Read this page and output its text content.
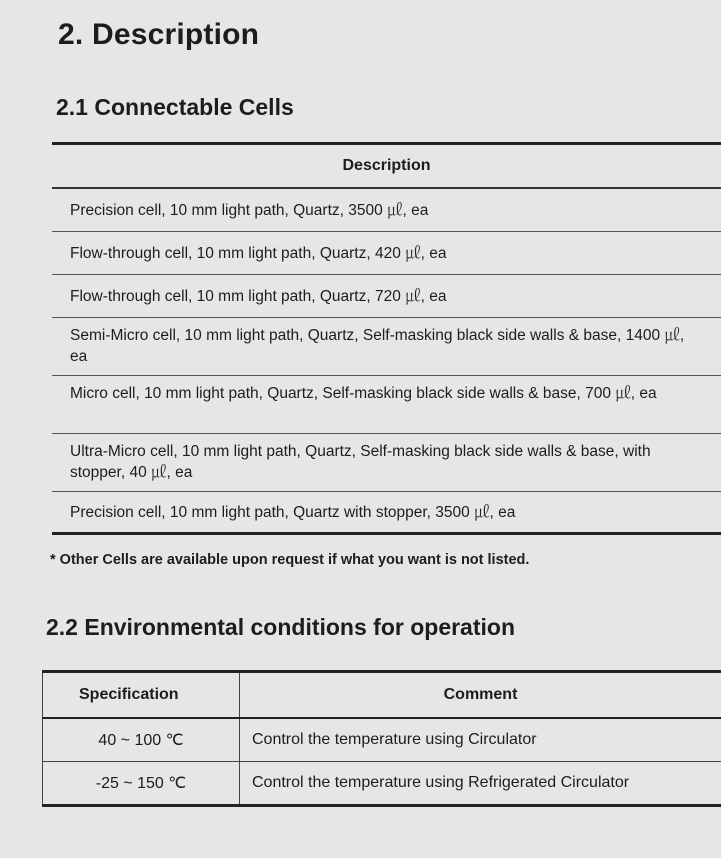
2. Description
2.1 Connectable Cells
Description
Precision cell, 10 mm light path, Quartz, 3500 ㎕, ea
Flow-through cell, 10 mm light path, Quartz, 420 ㎕, ea
Flow-through cell, 10 mm light path, Quartz, 720 ㎕, ea
Semi-Micro cell, 10 mm light path, Quartz, Self-masking black side walls & base, 1400 ㎕, ea
Micro cell, 10 mm light path, Quartz, Self-masking black side walls & base, 700 ㎕, ea
Ultra-Micro cell, 10 mm light path, Quartz, Self-masking black side walls & base, with stopper, 40 ㎕, ea
Precision cell, 10 mm light path, Quartz with stopper, 3500 ㎕, ea
* Other Cells are available upon request if what you want is not listed.
2.2 Environmental conditions for operation
Specification	Comment
40 ~ 100 ℃	Control the temperature using Circulator
-25 ~ 150 ℃	Control the temperature using Refrigerated Circulator
